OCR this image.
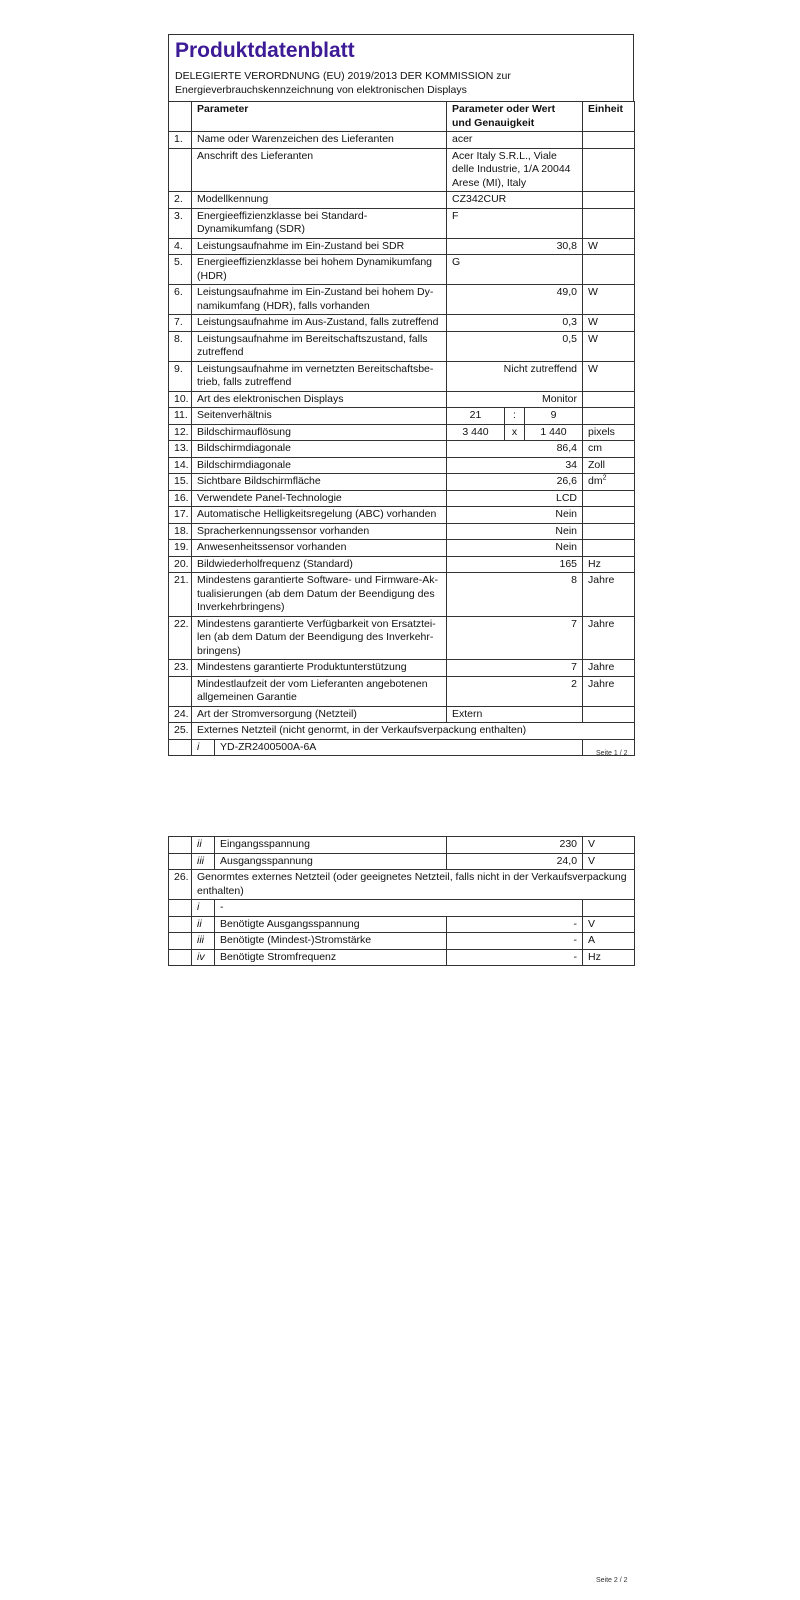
Produktdatenblatt
DELEGIERTE VERORDNUNG (EU) 2019/2013 DER KOMMISSION zur Energieverbrauchskennzeichnung von elektronischen Displays
	Parameter		Parameter oder Wert und Genauigkeit			Einheit
1.	Name oder Warenzeichen des Lieferanten		acer			
	Anschrift des Lieferanten		Acer Italy S.R.L., Viale delle Industrie, 1/A 20044 Arese (MI), Italy			
2.	Modellkennung		CZ342CUR			
3.	Energieeffizienzklasse bei Standard-Dynamikumfang (SDR)		F			
4.	Leistungsaufnahme im Ein-Zustand bei SDR		30,8			W
5.	Energieeffizienzklasse bei hohem Dynamikumfang (HDR)		G			
6.	Leistungsaufnahme im Ein-Zustand bei hohem Dy-namikumfang (HDR), falls vorhanden		49,0			W
7.	Leistungsaufnahme im Aus-Zustand, falls zutreffend		0,3			W
8.	Leistungsaufnahme im Bereitschaftszustand, falls zutreffend		0,5			W
9.	Leistungsaufnahme im vernetzten Bereitschaftsbe-trieb, falls zutreffend		Nicht zutreffend			W
10.	Art des elektronischen Displays		Monitor			
11.	Seitenverhältnis		21	:	9	
12.	Bildschirmauflösung		3 440	x	1 440	pixels
13.	Bildschirmdiagonale		86,4			cm
14.	Bildschirmdiagonale		34			Zoll
15.	Sichtbare Bildschirmfläche		26,6			$dm^2$
16.	Verwendete Panel-Technologie		LCD			
17.	Automatische Helligkeitsregelung (ABC) vorhanden		Nein			
18.	Spracherkennungssensor vorhanden		Nein			
19.	Anwesenheitssensor vorhanden		Nein			
20.	Bildwiederholfrequenz (Standard)		165			Hz
21.	Mindestens garantierte Software- und Firmware-Ak-tualisierungen (ab dem Datum der Beendigung des Inverkehrbringens)		8			Jahre
22.	Mindestens garantierte Verfügbarkeit von Ersatztei-len (ab dem Datum der Beendigung des Inverkehr-bringens)		7			Jahre
23.	Mindestens garantierte Produktunterstützung		7			Jahre
	Mindestlaufzeit der vom Lieferanten angebotenen allgemeinen Garantie		2			Jahre
24.	Art der Stromversorgung (Netzteil)		Extern			
25.	Externes Netzteil (nicht genormt, in der Verkaufsverpackung enthalten)					
	i	YD-ZR2400500A-6A				
Seite 1 / 2
	ii	Eingangsspannung	230	V
	iii	Ausgangsspannung	24,0	V
26.	Genormtes externes Netzteil (oder geeignetes Netzteil, falls nicht in der Verkaufsverpackung enthalten)			
	i	-		
	ii	Benötigte Ausgangsspannung	-	V
	iii	Benötigte (Mindest-)Stromstärke	-	A
	iv	Benötigte Stromfrequenz	-	Hz
Seite 2 / 2
